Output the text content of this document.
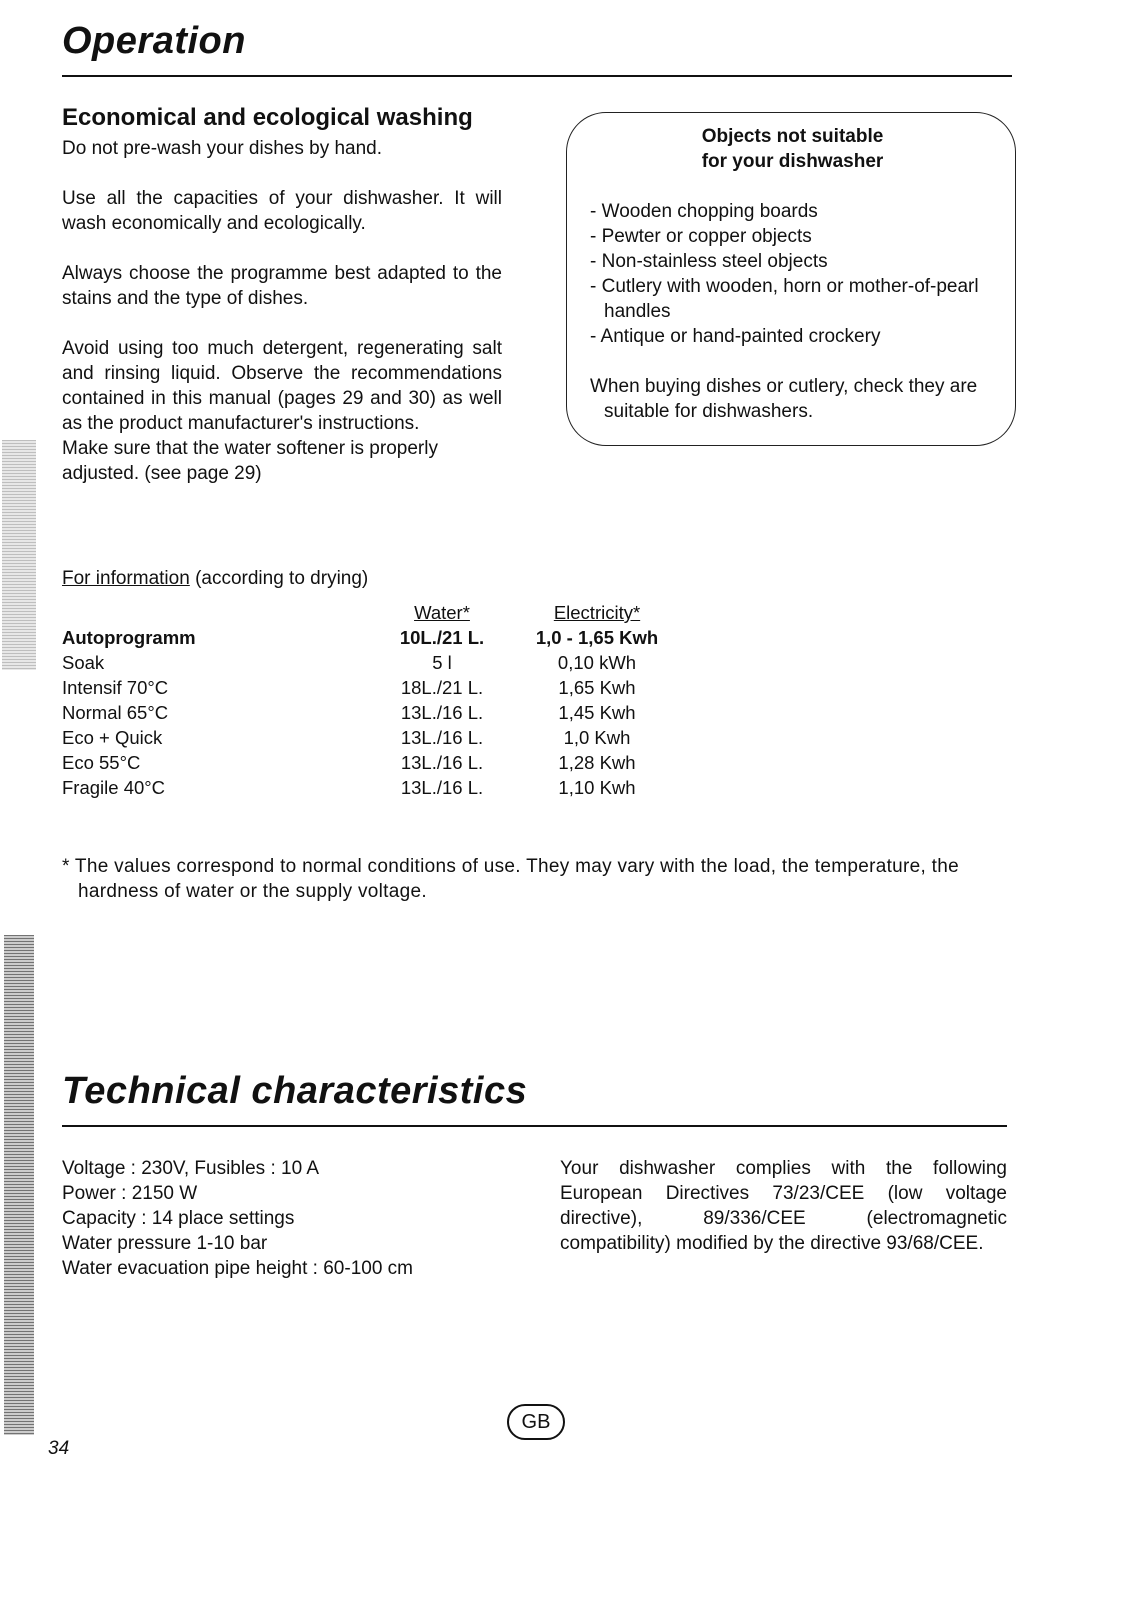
Operation
Economical and ecological washing
Do not pre-wash your dishes by hand.
Use all the capacities of your dishwasher. It will wash economically and ecologically.
Always choose the programme best adapted to the stains and the type of dishes.
Avoid using too much detergent, regenerating salt and rinsing liquid. Observe the recommendations contained in this manual (pages 29 and 30) as well as the product manufacturer's instructions.
Make sure that the water softener is properly adjusted. (see page 29)
Objects not suitable
for your dishwasher
- Wooden chopping boards
- Pewter or copper objects
- Non-stainless steel objects
- Cutlery with wooden, horn or mother-of-pearl handles
- Antique or hand-painted crockery
When buying dishes or cutlery, check they are suitable for dishwashers.
For information (according to drying)
	Water*	Electricity*
Autoprogramm	10L./21 L.	1,0 - 1,65 Kwh
Soak	5 l	0,10 kWh
Intensif 70°C	18L./21 L.	1,65 Kwh
Normal 65°C	13L./16 L.	1,45 Kwh
Eco + Quick	13L./16 L.	1,0 Kwh
Eco 55°C	13L./16 L.	1,28 Kwh
Fragile 40°C	13L./16 L.	1,10 Kwh
* The values correspond to normal conditions of use. They may vary with the load, the temperature, the hardness of water or the supply voltage.
Technical characteristics
Voltage : 230V, Fusibles : 10 A
Power : 2150 W
Capacity : 14 place settings
Water pressure 1-10 bar
Water evacuation pipe height : 60-100 cm
Your dishwasher complies with the following European Directives 73/23/CEE (low voltage directive), 89/336/CEE (electromagnetic compatibility) modified by the directive 93/68/CEE.
GB
34
